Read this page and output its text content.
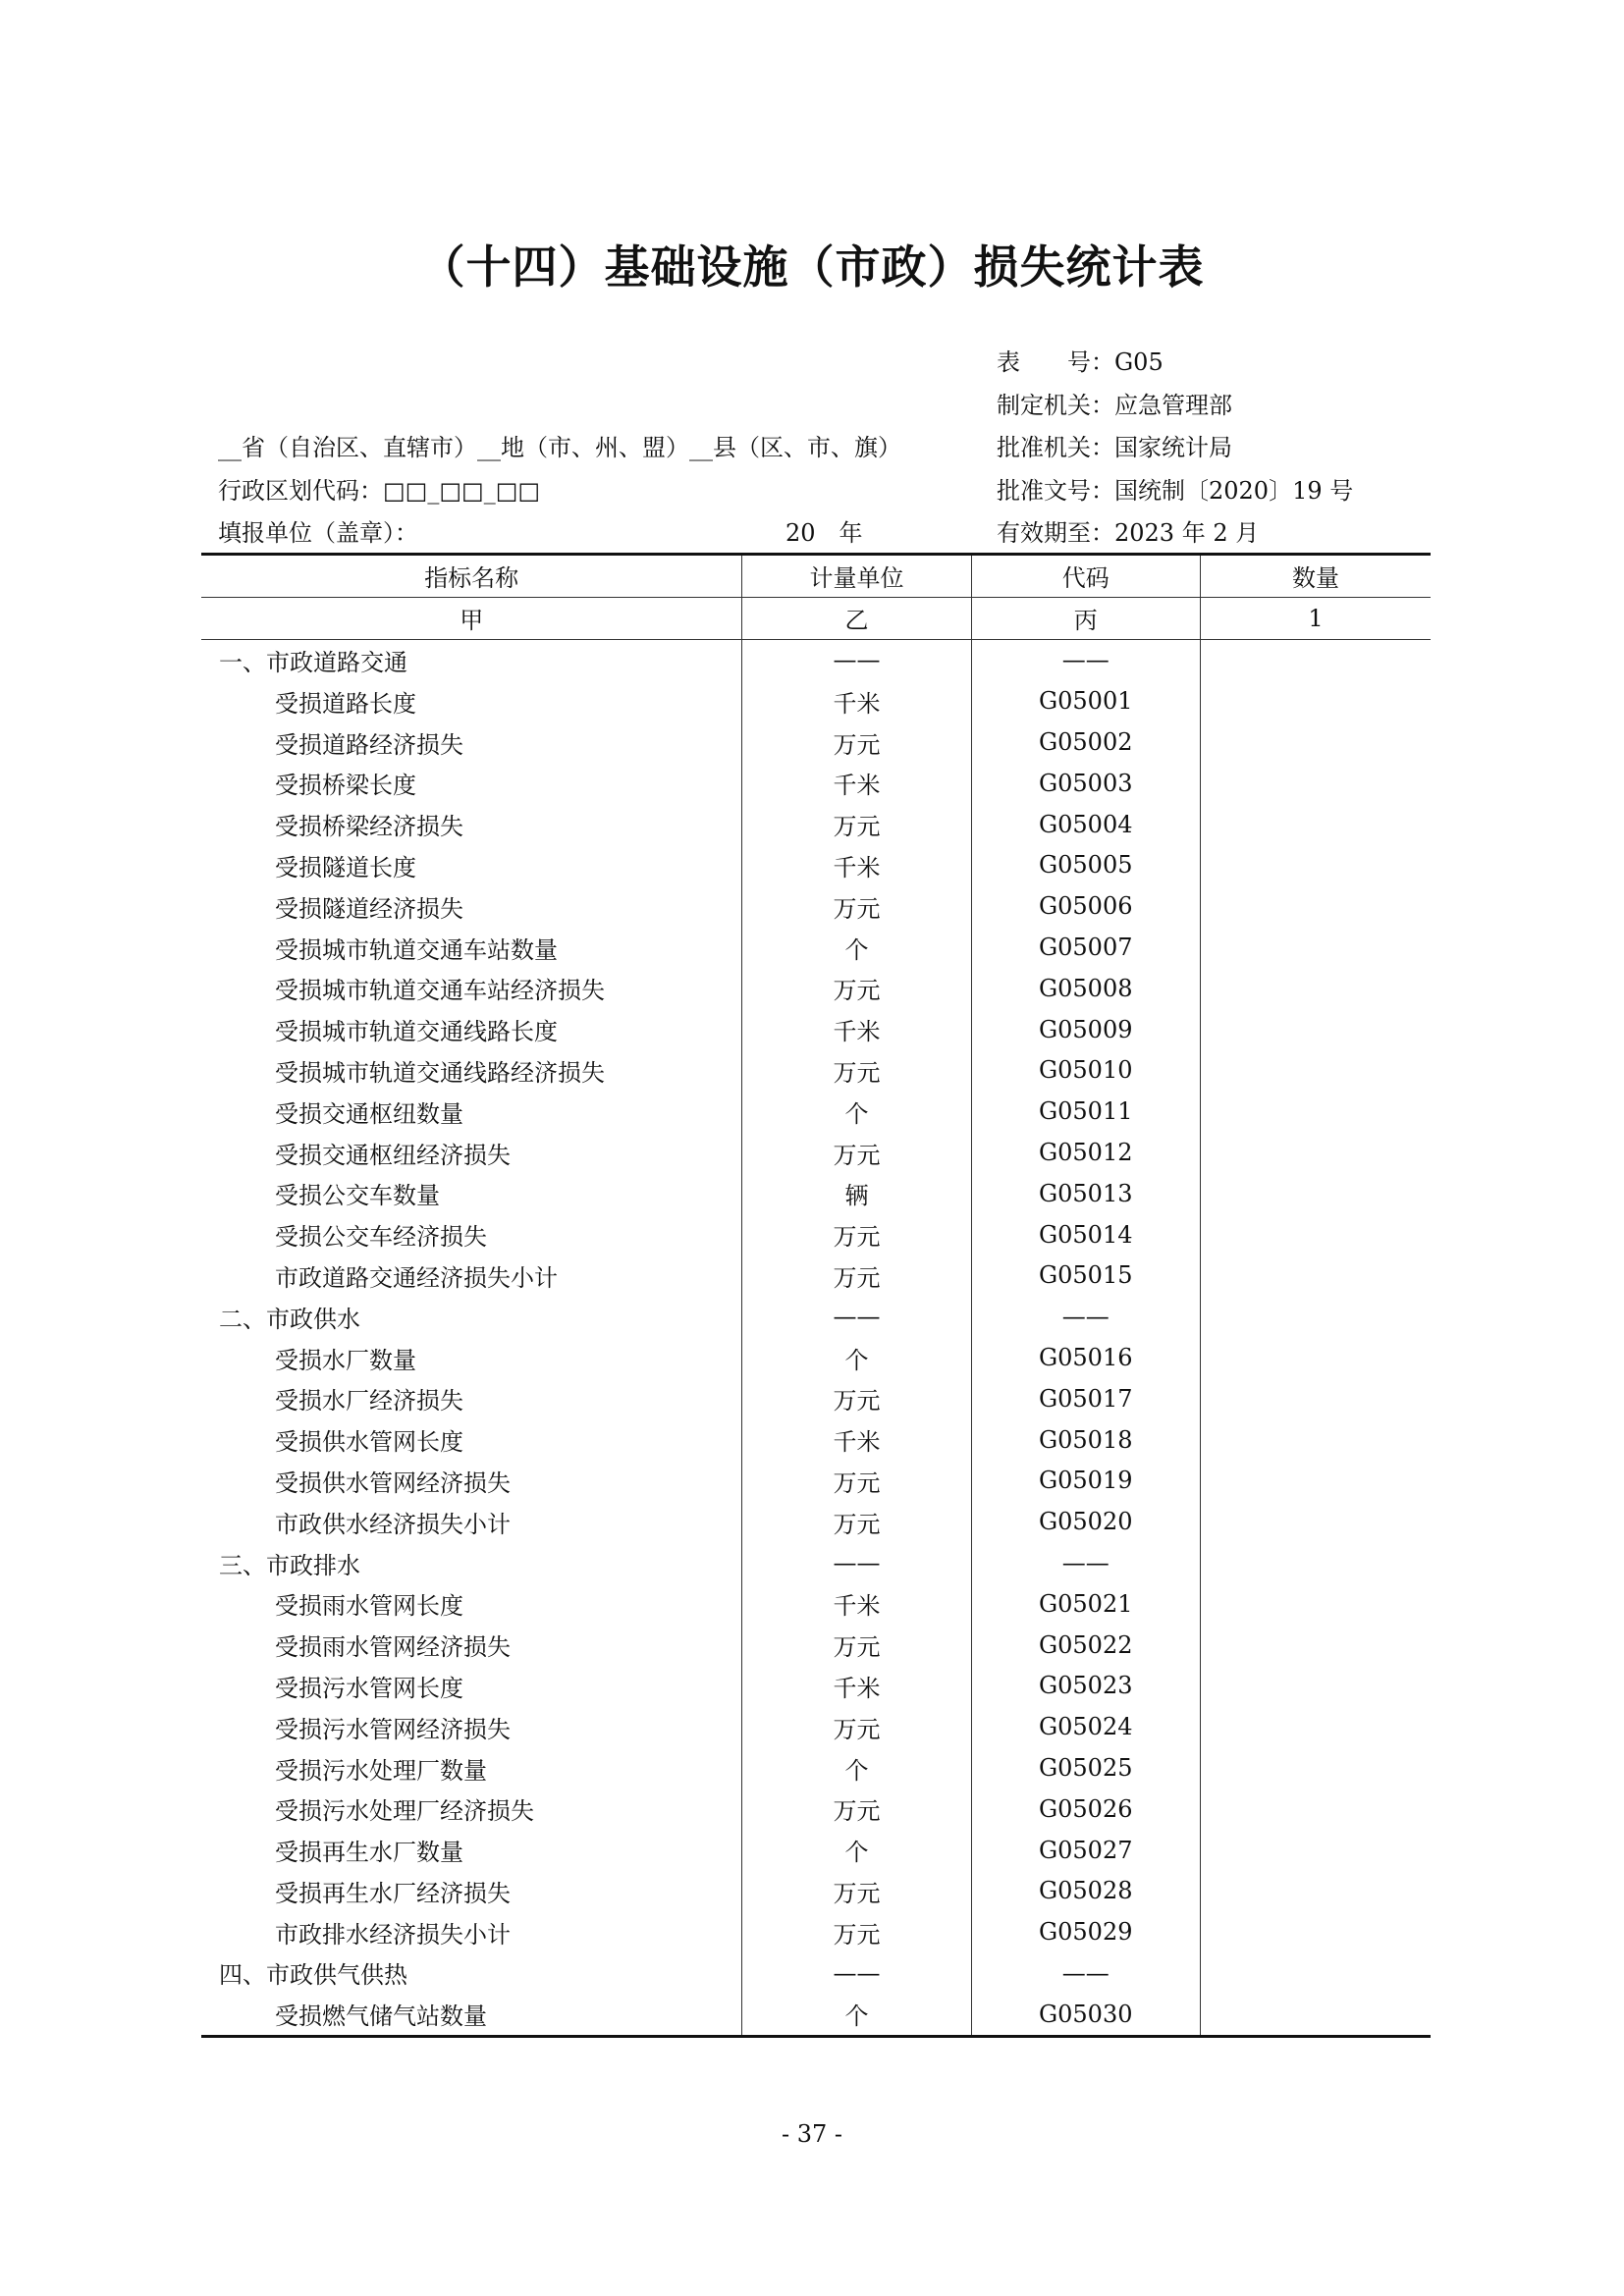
（十四）基础设施（市政）损失统计表
表　　号：G05
制定机关：应急管理部
批准机关：国家统计局
批准文号：国统制〔2020〕19 号
有效期至：2023 年 2 月
__省（自治区、直辖市）__地（市、州、盟）__县（区、市、旗）
行政区划代码：□□_□□_□□
填报单位（盖章）：	20　年
指标名称	计量单位	代码	数量
甲	乙	丙	1
一、市政道路交通	——	——	
受损道路长度	千米	G05001	
受损道路经济损失	万元	G05002	
受损桥梁长度	千米	G05003	
受损桥梁经济损失	万元	G05004	
受损隧道长度	千米	G05005	
受损隧道经济损失	万元	G05006	
受损城市轨道交通车站数量	个	G05007	
受损城市轨道交通车站经济损失	万元	G05008	
受损城市轨道交通线路长度	千米	G05009	
受损城市轨道交通线路经济损失	万元	G05010	
受损交通枢纽数量	个	G05011	
受损交通枢纽经济损失	万元	G05012	
受损公交车数量	辆	G05013	
受损公交车经济损失	万元	G05014	
市政道路交通经济损失小计	万元	G05015	
二、市政供水	——	——	
受损水厂数量	个	G05016	
受损水厂经济损失	万元	G05017	
受损供水管网长度	千米	G05018	
受损供水管网经济损失	万元	G05019	
市政供水经济损失小计	万元	G05020	
三、市政排水	——	——	
受损雨水管网长度	千米	G05021	
受损雨水管网经济损失	万元	G05022	
受损污水管网长度	千米	G05023	
受损污水管网经济损失	万元	G05024	
受损污水处理厂数量	个	G05025	
受损污水处理厂经济损失	万元	G05026	
受损再生水厂数量	个	G05027	
受损再生水厂经济损失	万元	G05028	
市政排水经济损失小计	万元	G05029	
四、市政供气供热	——	——	
受损燃气储气站数量	个	G05030	
- 37 -
